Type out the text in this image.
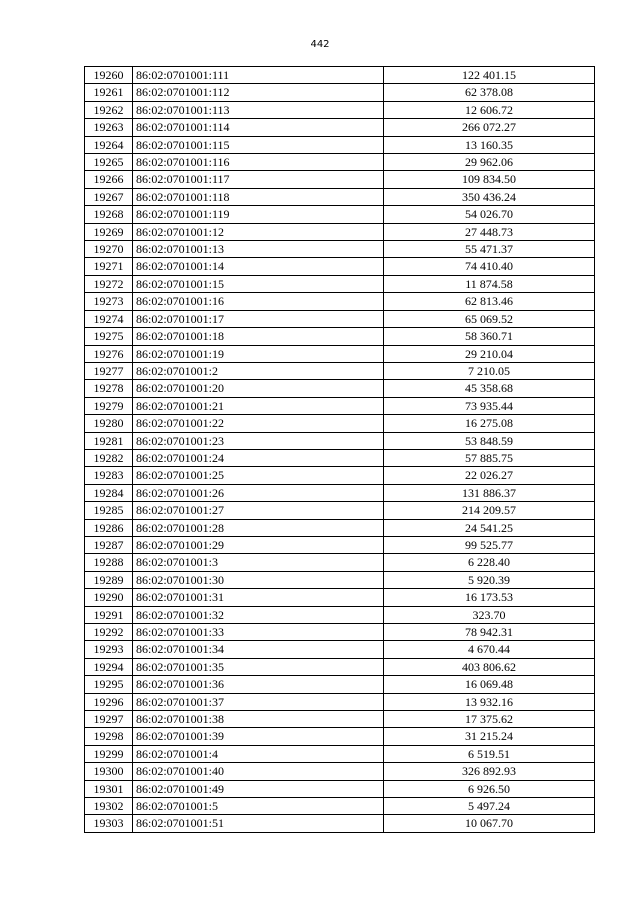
442
19260	86:02:0701001:111	122 401.15
19261	86:02:0701001:112	62 378.08
19262	86:02:0701001:113	12 606.72
19263	86:02:0701001:114	266 072.27
19264	86:02:0701001:115	13 160.35
19265	86:02:0701001:116	29 962.06
19266	86:02:0701001:117	109 834.50
19267	86:02:0701001:118	350 436.24
19268	86:02:0701001:119	54 026.70
19269	86:02:0701001:12	27 448.73
19270	86:02:0701001:13	55 471.37
19271	86:02:0701001:14	74 410.40
19272	86:02:0701001:15	11 874.58
19273	86:02:0701001:16	62 813.46
19274	86:02:0701001:17	65 069.52
19275	86:02:0701001:18	58 360.71
19276	86:02:0701001:19	29 210.04
19277	86:02:0701001:2	7 210.05
19278	86:02:0701001:20	45 358.68
19279	86:02:0701001:21	73 935.44
19280	86:02:0701001:22	16 275.08
19281	86:02:0701001:23	53 848.59
19282	86:02:0701001:24	57 885.75
19283	86:02:0701001:25	22 026.27
19284	86:02:0701001:26	131 886.37
19285	86:02:0701001:27	214 209.57
19286	86:02:0701001:28	24 541.25
19287	86:02:0701001:29	99 525.77
19288	86:02:0701001:3	6 228.40
19289	86:02:0701001:30	5 920.39
19290	86:02:0701001:31	16 173.53
19291	86:02:0701001:32	323.70
19292	86:02:0701001:33	78 942.31
19293	86:02:0701001:34	4 670.44
19294	86:02:0701001:35	403 806.62
19295	86:02:0701001:36	16 069.48
19296	86:02:0701001:37	13 932.16
19297	86:02:0701001:38	17 375.62
19298	86:02:0701001:39	31 215.24
19299	86:02:0701001:4	6 519.51
19300	86:02:0701001:40	326 892.93
19301	86:02:0701001:49	6 926.50
19302	86:02:0701001:5	5 497.24
19303	86:02:0701001:51	10 067.70
